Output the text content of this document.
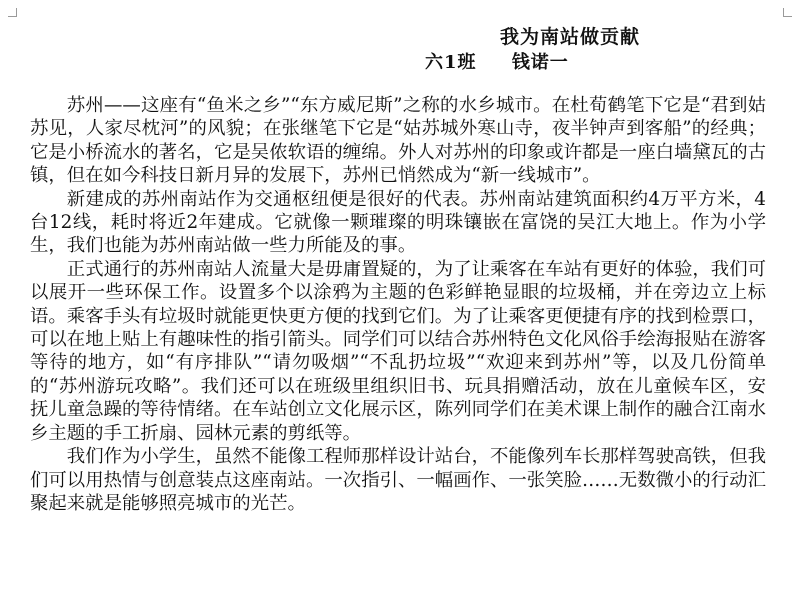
我为南站做贡献
六1班 钱诺一

苏州——这座有“鱼米之乡”“东方威尼斯”之称的水乡城市。在杜荀鹤笔下它是“君到姑苏见，人家尽枕河”的风貌；在张继笔下它是“姑苏城外寒山寺，夜半钟声到客船”的经典；它是小桥流水的著名，它是吴侬软语的缠绵。外人对苏州的印象或许都是一座白墙黛瓦的古镇，但在如今科技日新月异的发展下，苏州已悄然成为“新一线城市”。

新建成的苏州南站作为交通枢纽便是很好的代表。苏州南站建筑面积约4万平方米，4台12线，耗时将近2年建成。它就像一颗璀璨的明珠镶嵌在富饶的吴江大地上。作为小学生，我们也能为苏州南站做一些力所能及的事。

正式通行的苏州南站人流量大是毋庸置疑的，为了让乘客在车站有更好的体验，我们可以展开一些环保工作。设置多个以涂鸦为主题的色彩鲜艳显眼的垃圾桶，并在旁边立上标语。乘客手头有垃圾时就能更快更方便的找到它们。为了让乘客更便捷有序的找到检票口，可以在地上贴上有趣味性的指引箭头。同学们可以结合苏州特色文化风俗手绘海报贴在游客等待的地方，如“有序排队”“请勿吸烟”“不乱扔垃圾”“欢迎来到苏州”等，以及几份简单的“苏州游玩攻略”。我们还可以在班级里组织旧书、玩具捐赠活动，放在儿童候车区，安抚儿童急躁的等待情绪。在车站创立文化展示区，陈列同学们在美术课上制作的融合江南水乡主题的手工折扇、园林元素的剪纸等。

我们作为小学生，虽然不能像工程师那样设计站台，不能像列车长那样驾驶高铁，但我们可以用热情与创意装点这座南站。一次指引、一幅画作、一张笑脸……无数微小的行动汇聚起来就是能够照亮城市的光芒。
